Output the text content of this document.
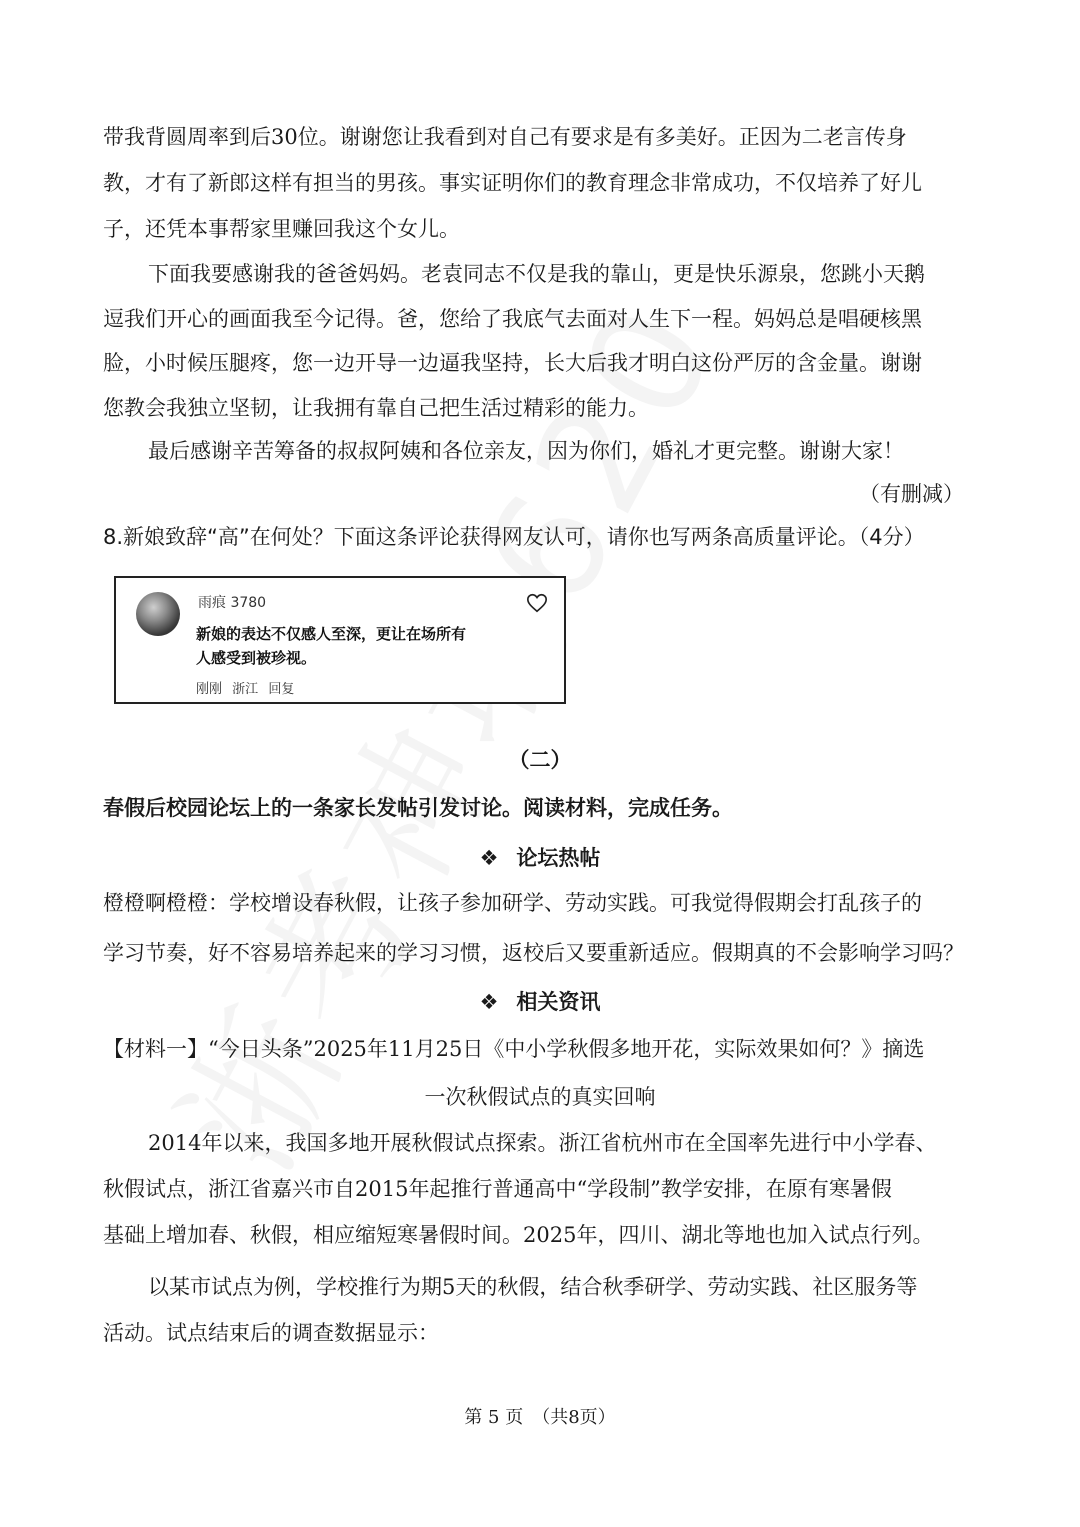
带我背圆周率到后30位。谢谢您让我看到对自己有要求是有多美好。正因为二老言传身
教，才有了新郎这样有担当的男孩。事实证明你们的教育理念非常成功，不仅培养了好儿
子，还凭本事帮家里赚回我这个女儿。
下面我要感谢我的爸爸妈妈。老袁同志不仅是我的靠山，更是快乐源泉，您跳小天鹅
逗我们开心的画面我至今记得。爸，您给了我底气去面对人生下一程。妈妈总是唱硬核黑
脸，小时候压腿疼，您一边开导一边逼我坚持，长大后我才明白这份严厉的含金量。谢谢
您教会我独立坚韧，让我拥有靠自己把生活过精彩的能力。
最后感谢辛苦筹备的叔叔阿姨和各位亲友，因为你们，婚礼才更完整。谢谢大家！
（有删减）
8.新娘致辞“高”在何处？下面这条评论获得网友认可，请你也写两条高质量评论。（4分）
雨痕 3780
新娘的表达不仅感人至深，更让在场所有
人感受到被珍视。
刚刚 浙江 回复
（二）
春假后校园论坛上的一条家长发帖引发讨论。阅读材料，完成任务。
❖ 论坛热帖
橙橙啊橙橙：学校增设春秋假，让孩子参加研学、劳动实践。可我觉得假期会打乱孩子的
学习节奏，好不容易培养起来的学习习惯，返校后又要重新适应。假期真的不会影响学习吗？
❖ 相关资讯
【材料一】“今日头条”2025年11月25日《中小学秋假多地开花，实际效果如何？》摘选
一次秋假试点的真实回响
2014年以来，我国多地开展秋假试点探索。浙江省杭州市在全国率先进行中小学春、
秋假试点，浙江省嘉兴市自2015年起推行普通高中“学段制”教学安排，在原有寒暑假
基础上增加春、秋假，相应缩短寒暑假时间。2025年，四川、湖北等地也加入试点行列。
以某市试点为例，学校推行为期5天的秋假，结合秋季研学、劳动实践、社区服务等
活动。试点结束后的调查数据显示：
第 5 页　（共8页）
